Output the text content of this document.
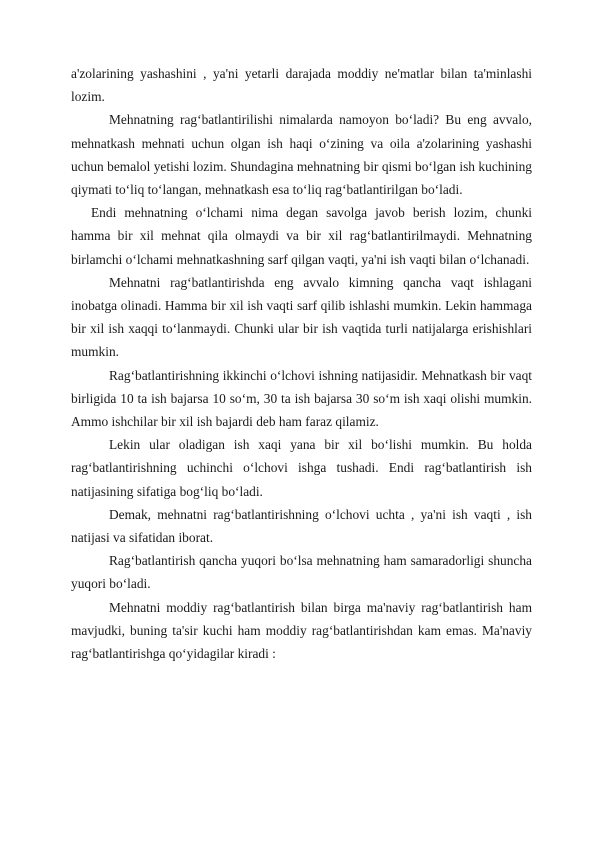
a'zolarining yashashini , ya'ni yetarli darajada moddiy ne'matlar bilan ta'minlashi lozim.

Mehnatning rag‘batlantirilishi nimalarda namoyon bo‘ladi? Bu eng avvalo, mehnatkash mehnati uchun olgan ish haqi o‘zining va oila a'zolarining yashashi uchun bemalol yetishi lozim. Shundagina mehnatning bir qismi bo‘lgan ish kuchining qiymati to‘liq to‘langan, mehnatkash esa to‘liq rag‘batlantirilgan bo‘ladi.

Endi mehnatning o‘lchami nima degan savolga javob berish lozim, chunki hamma bir xil mehnat qila olmaydi va bir xil rag‘batlantirilmaydi. Mehnatning birlamchi o‘lchami mehnatkashning sarf qilgan vaqti, ya'ni ish vaqti bilan o‘lchanadi.

Mehnatni rag‘batlantirishda eng avvalo kimning qancha vaqt ishlagani inobatga olinadi. Hamma bir xil ish vaqti sarf qilib ishlashi mumkin. Lekin hammaga bir xil ish xaqqi to‘lanmaydi. Chunki ular bir ish vaqtida turli natijalarga erishishlari mumkin.

Rag‘batlantirishning ikkinchi o‘lchovi ishning natijasidir. Mehnatkash bir vaqt birligida 10 ta ish bajarsa 10 so‘m, 30 ta ish bajarsa 30 so‘m ish xaqi olishi mumkin. Ammo ishchilar bir xil ish bajardi deb ham faraz qilamiz.

Lekin ular oladigan ish xaqi yana bir xil bo‘lishi mumkin. Bu holda rag‘batlantirishning uchinchi o‘lchovi ishga tushadi. Endi rag‘batlantirish ish natijasining sifatiga bog‘liq bo‘ladi.

Demak, mehnatni rag‘batlantirishning o‘lchovi uchta , ya'ni ish vaqti , ish natijasi va sifatidan iborat.

Rag‘batlantirish qancha yuqori bo‘lsa mehnatning ham samaradorligi shuncha yuqori bo‘ladi.

Mehnatni moddiy rag‘batlantirish bilan birga ma'naviy rag‘batlantirish ham mavjudki, buning ta'sir kuchi ham moddiy rag‘batlantirishdan kam emas. Ma'naviy rag‘batlantirishga qo‘yidagilar kiradi :
